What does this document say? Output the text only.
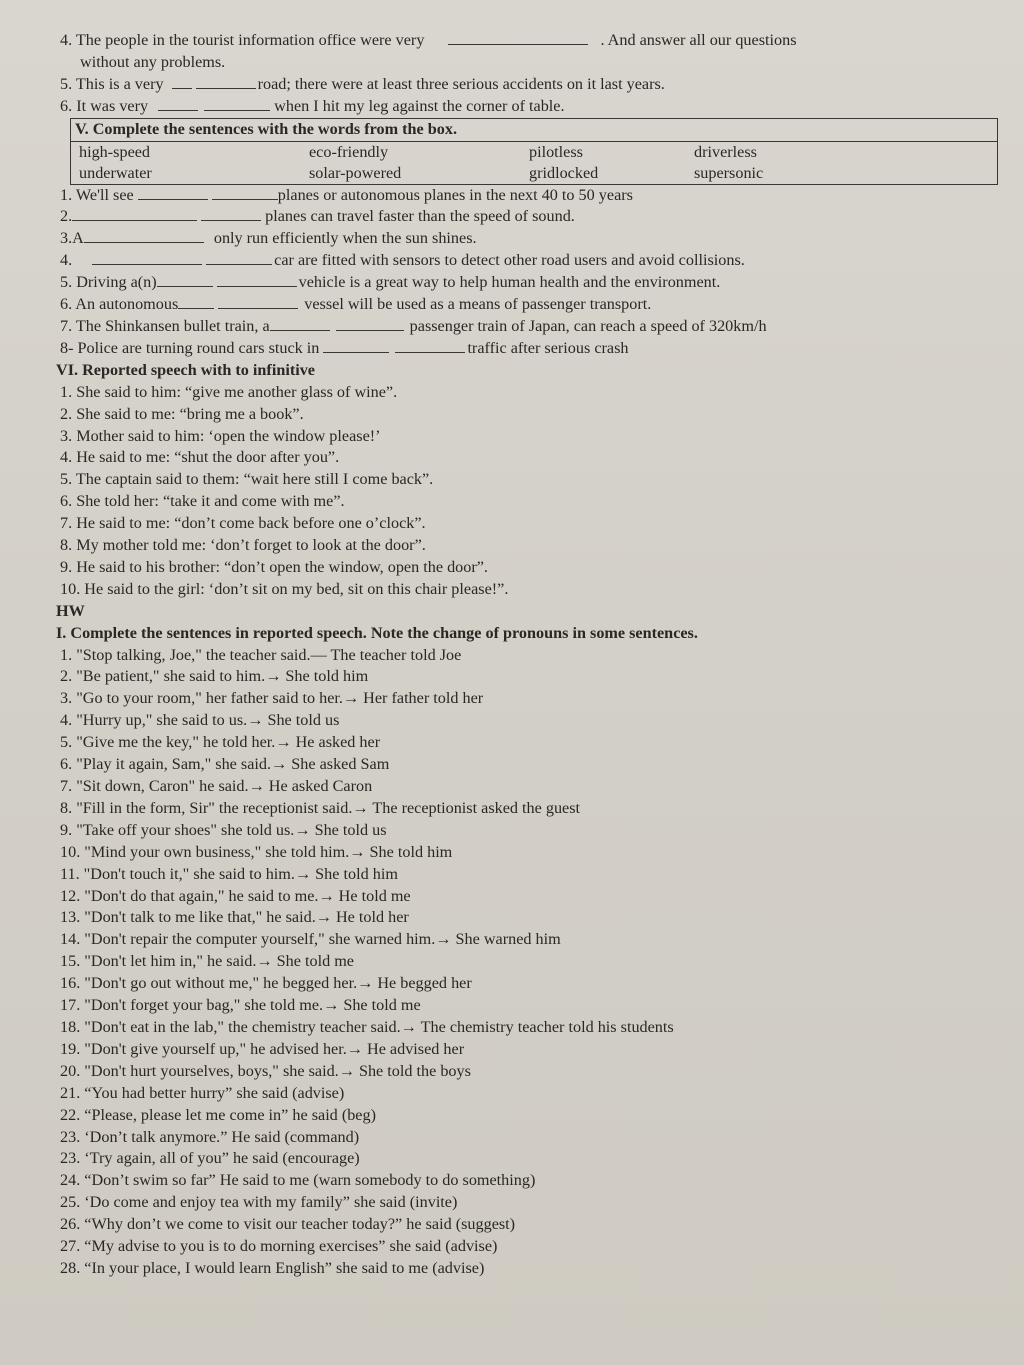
4. The people in the tourist information office were very	. And answer all our questions
without any problems.
5. This is a very	road; there were at least three serious accidents on it last years.
6. It was very	when I hit my leg against the corner of table.
V. Complete the sentences with the words from the box.
high-speed	eco-friendly	pilotless	driverless
underwater	solar-powered	gridlocked	supersonic
1. We'll see	planes or autonomous planes in the next 40 to 50 years
2.	planes can travel faster than the speed of sound.
3.A	only run efficiently when the sun shines.
4.	car are fitted with sensors to detect other road users and avoid collisions.
5. Driving a(n)	vehicle is a great way to help human health and the environment.
6. An autonomous	vessel will be used as a means of passenger transport.
7. The Shinkansen bullet train, a	passenger train of Japan, can reach a speed of 320km/h
8- Police are turning round cars stuck in	traffic after serious crash
VI. Reported speech with to infinitive
1. She said to him: “give me another glass of wine”.
2. She said to me: “bring me a book”.
3. Mother said to him: ‘open the window please!’
4. He said to me: “shut the door after you”.
5. The captain said to them: “wait here still I come back”.
6. She told her: “take it and come with me”.
7. He said to me: “don’t come back before one o’clock”.
8. My mother told me: ‘don’t forget to look at the door”.
9. He said to his brother: “don’t open the window, open the door”.
10. He said to the girl: ‘don’t sit on my bed, sit on this chair please!”.
HW
I. Complete the sentences in reported speech. Note the change of pronouns in some sentences.
1. "Stop talking, Joe," the teacher said.— The teacher told Joe
2. "Be patient," she said to him.→ She told him
3. "Go to your room," her father said to her.→ Her father told her
4. "Hurry up," she said to us.→ She told us
5. "Give me the key," he told her.→ He asked her
6. "Play it again, Sam," she said.→ She asked Sam
7. "Sit down, Caron" he said.→ He asked Caron
8. "Fill in the form, Sir" the receptionist said.→ The receptionist asked the guest
9. "Take off your shoes" she told us.→ She told us
10. "Mind your own business," she told him.→ She told him
11. "Don't touch it," she said to him.→ She told him
12. "Don't do that again," he said to me.→ He told me
13. "Don't talk to me like that," he said.→ He told her
14. "Don't repair the computer yourself," she warned him.→ She warned him
15. "Don't let him in," he said.→ She told me
16. "Don't go out without me," he begged her.→ He begged her
17. "Don't forget your bag," she told me.→ She told me
18. "Don't eat in the lab," the chemistry teacher said.→ The chemistry teacher told his students
19. "Don't give yourself up," he advised her.→ He advised her
20. "Don't hurt yourselves, boys," she said.→ She told the boys
21. “You had better hurry” she said (advise)
22. “Please, please let me come in” he said (beg)
23. ‘Don’t talk anymore.” He said (command)
23. ‘Try again, all of you” he said (encourage)
24. “Don’t swim so far” He said to me (warn somebody to do something)
25. ‘Do come and enjoy tea with my family” she said (invite)
26. “Why don’t we come to visit our teacher today?” he said (suggest)
27. “My advise to you is to do morning exercises” she said (advise)
28. “In your place, I would learn English” she said to me (advise)
